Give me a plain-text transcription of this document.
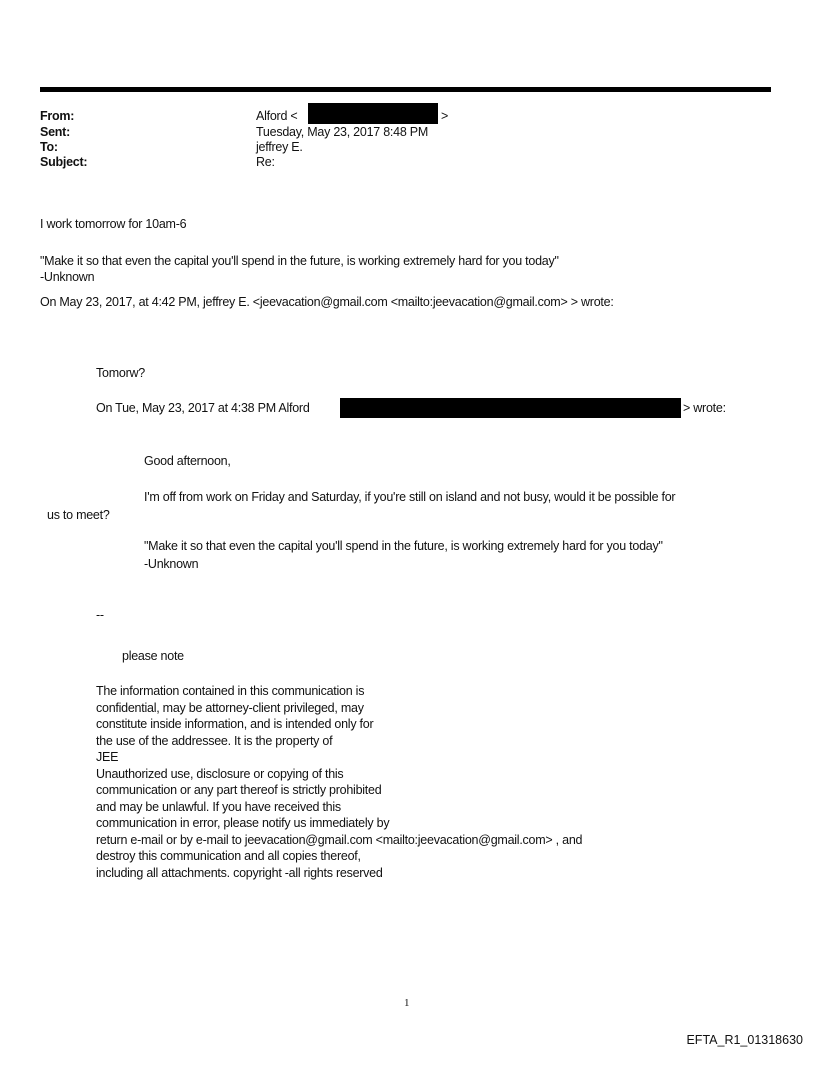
From:	Alford <	>
Sent:	Tuesday, May 23, 2017 8:48 PM
To:	jeffrey E.
Subject:	Re:
I work tomorrow for 10am-6
"Make it so that even the capital you'll spend in the future, is working extremely hard for you today"
-Unknown
On May 23, 2017, at 4:42 PM, jeffrey E. <jeevacation@gmail.com <mailto:jeevacation@gmail.com> > wrote:
Tomorw?
On Tue, May 23, 2017 at 4:38 PM Alford	> wrote:
Good afternoon,
I'm off from work on Friday and Saturday, if you're still on island and not busy, would it be possible for
us to meet?
"Make it so that even the capital you'll spend in the future, is working extremely hard for you today"
-Unknown
--
please note
The information contained in this communication is
confidential, may be attorney-client privileged, may
constitute inside information, and is intended only for
the use of the addressee. It is the property of
JEE
Unauthorized use, disclosure or copying of this
communication or any part thereof is strictly prohibited
and may be unlawful. If you have received this
communication in error, please notify us immediately by
return e-mail or by e-mail to jeevacation@gmail.com <mailto:jeevacation@gmail.com> , and
destroy this communication and all copies thereof,
including all attachments. copyright -all rights reserved
1
EFTA_R1_01318630
